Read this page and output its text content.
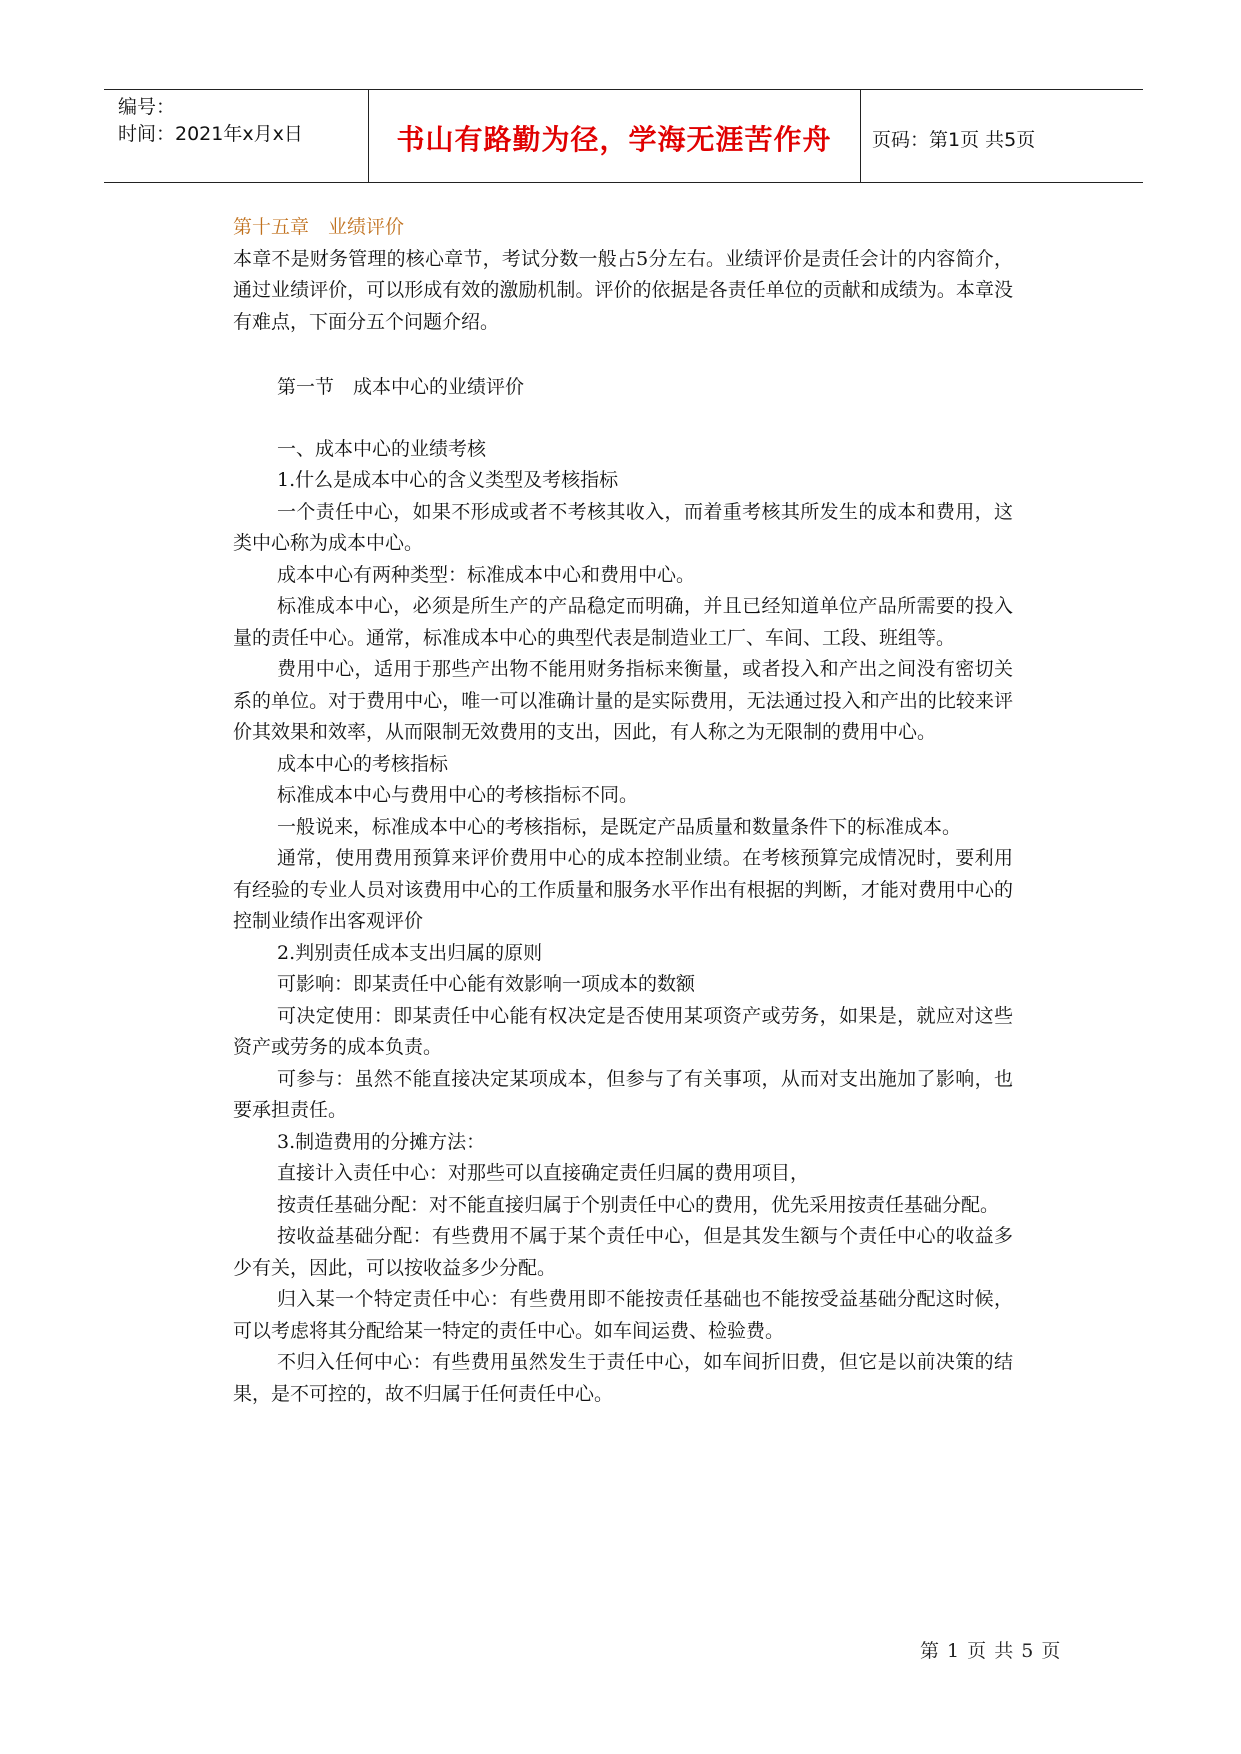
编号：
时间：2021年x月x日	书山有路勤为径，学海无涯苦作舟	页码：第1页 共5页

第十五章　业绩评价

本章不是财务管理的核心章节，考试分数一般占5分左右。业绩评价是责任会计的内容简介，通过业绩评价，可以形成有效的激励机制。评价的依据是各责任单位的贡献和成绩为。本章没有难点，下面分五个问题介绍。

第一节　成本中心的业绩评价

一、成本中心的业绩考核

1.什么是成本中心的含义类型及考核指标

一个责任中心，如果不形成或者不考核其收入，而着重考核其所发生的成本和费用，这类中心称为成本中心。

成本中心有两种类型：标准成本中心和费用中心。

标准成本中心，必须是所生产的产品稳定而明确，并且已经知道单位产品所需要的投入量的责任中心。通常，标准成本中心的典型代表是制造业工厂、车间、工段、班组等。

费用中心，适用于那些产出物不能用财务指标来衡量，或者投入和产出之间没有密切关系的单位。对于费用中心，唯一可以准确计量的是实际费用，无法通过投入和产出的比较来评价其效果和效率，从而限制无效费用的支出，因此，有人称之为无限制的费用中心。

成本中心的考核指标

标准成本中心与费用中心的考核指标不同。

一般说来，标准成本中心的考核指标，是既定产品质量和数量条件下的标准成本。

通常，使用费用预算来评价费用中心的成本控制业绩。在考核预算完成情况时，要利用有经验的专业人员对该费用中心的工作质量和服务水平作出有根据的判断，才能对费用中心的控制业绩作出客观评价

2.判别责任成本支出归属的原则

可影响：即某责任中心能有效影响一项成本的数额

可决定使用：即某责任中心能有权决定是否使用某项资产或劳务，如果是，就应对这些资产或劳务的成本负责。

可参与：虽然不能直接决定某项成本，但参与了有关事项，从而对支出施加了影响，也要承担责任。

3.制造费用的分摊方法：

直接计入责任中心：对那些可以直接确定责任归属的费用项目，

按责任基础分配：对不能直接归属于个别责任中心的费用，优先采用按责任基础分配。

按收益基础分配：有些费用不属于某个责任中心，但是其发生额与个责任中心的收益多少有关，因此，可以按收益多少分配。

归入某一个特定责任中心：有些费用即不能按责任基础也不能按受益基础分配这时候，可以考虑将其分配给某一特定的责任中心。如车间运费、检验费。

不归入任何中心：有些费用虽然发生于责任中心，如车间折旧费，但它是以前决策的结果，是不可控的，故不归属于任何责任中心。

第 1 页 共 5 页
